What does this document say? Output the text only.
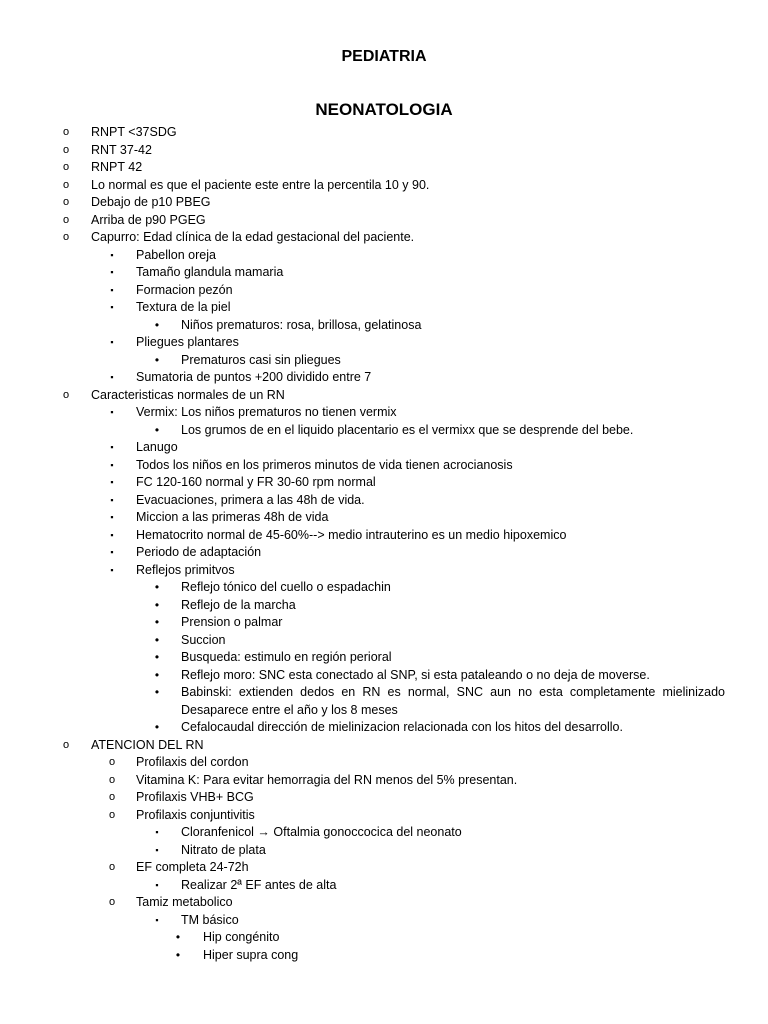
PEDIATRIA
NEONATOLOGIA
o RNPT <37SDG
o RNT 37-42
o RNPT 42
o Lo normal es que el paciente este entre la percentila 10 y 90.
o Debajo de p10 PBEG
o Arriba de p90 PGEG
o Capurro: Edad clínica de la edad gestacional del paciente.
▪	Pabellon oreja
▪	Tamaño glandula mamaria
▪	Formacion pezón
▪	Textura de la piel
•	Niños prematuros: rosa, brillosa, gelatinosa
▪	Pliegues plantares
•	Prematuros casi sin pliegues
▪	Sumatoria de puntos +200 dividido entre 7
o Caracteristicas normales de un RN
▪	Vermix: Los niños prematuros no tienen vermix
•	Los grumos de en el liquido placentario es el vermixx que se desprende del bebe.
▪	Lanugo
▪	Todos los niños en los primeros minutos de vida tienen acrocianosis
▪	FC 120-160 normal y FR 30-60 rpm normal
▪	Evacuaciones, primera a las 48h de vida.
▪	Miccion a las primeras 48h de vida
▪	Hematocrito normal de 45-60%--> medio intrauterino es un medio hipoxemico
▪	Periodo de adaptación
▪	Reflejos primitvos
•	Reflejo tónico del cuello o espadachin
•	Reflejo de la marcha
•	Prension o palmar
•	Succion
•	Busqueda: estimulo en región perioral
•	Reflejo moro: SNC esta conectado al SNP, si esta pataleando o no deja de moverse.
•	Babinski: extienden dedos en RN es normal, SNC aun no esta completamente mielinizado Desaparece entre el año y los 8 meses
•	Cefalocaudal dirección de mielinizacion relacionada con los hitos del desarrollo.
o ATENCION DEL RN
o Profilaxis del cordon
o Vitamina K: Para evitar hemorragia del RN menos del 5% presentan.
o Profilaxis VHB+ BCG
o Profilaxis conjuntivitis
▪	Cloranfenicol → Oftalmia gonoccocica del neonato
▪	Nitrato de plata
o EF completa 24-72h
▪	Realizar 2ª EF antes de alta
o Tamiz metabolico
▪	TM básico
•	Hip congénito
•	Hiper supra cong
